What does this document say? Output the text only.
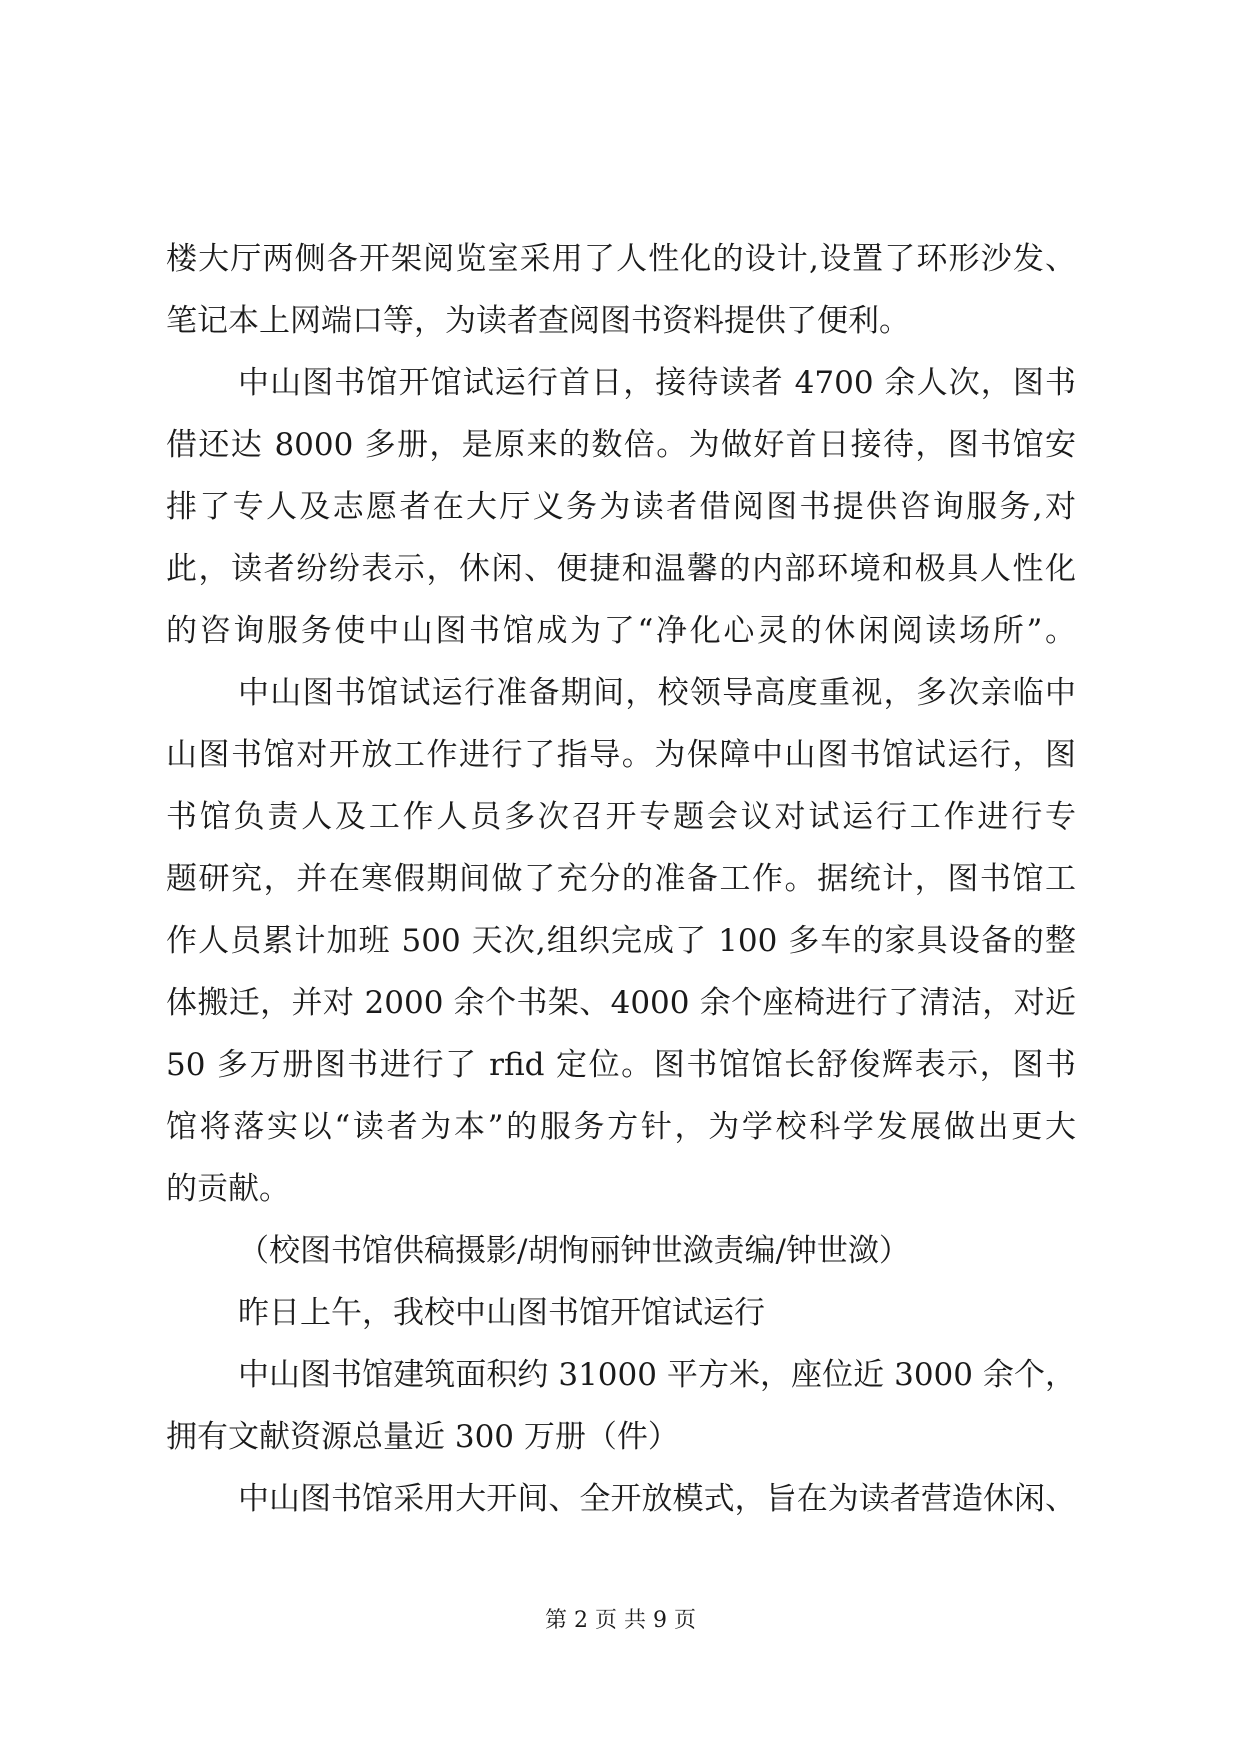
楼大厅两侧各开架阅览室采用了人性化的设计,设置了环形沙发、
笔记本上网端口等，为读者查阅图书资料提供了便利。
中山图书馆开馆试运行首日，接待读者 4700 余人次，图书
借还达 8000 多册，是原来的数倍。为做好首日接待，图书馆安
排了专人及志愿者在大厅义务为读者借阅图书提供咨询服务,对
此，读者纷纷表示，休闲、便捷和温馨的内部环境和极具人性化
的咨询服务使中山图书馆成为了“净化心灵的休闲阅读场所”。
中山图书馆试运行准备期间，校领导高度重视，多次亲临中
山图书馆对开放工作进行了指导。为保障中山图书馆试运行，图
书馆负责人及工作人员多次召开专题会议对试运行工作进行专
题研究，并在寒假期间做了充分的准备工作。据统计，图书馆工
作人员累计加班 500 天次,组织完成了 100 多车的家具设备的整
体搬迁，并对 2000 余个书架、4000 余个座椅进行了清洁，对近
50 多万册图书进行了 rfid 定位。图书馆馆长舒俊辉表示，图书
馆将落实以“读者为本”的服务方针，为学校科学发展做出更大
的贡献。
（校图书馆供稿摄影/胡恂丽钟世潋责编/钟世潋）
昨日上午，我校中山图书馆开馆试运行
中山图书馆建筑面积约 31000 平方米，座位近 3000 余个，
拥有文献资源总量近 300 万册（件）
中山图书馆采用大开间、全开放模式，旨在为读者营造休闲、
第 2 页 共 9 页
